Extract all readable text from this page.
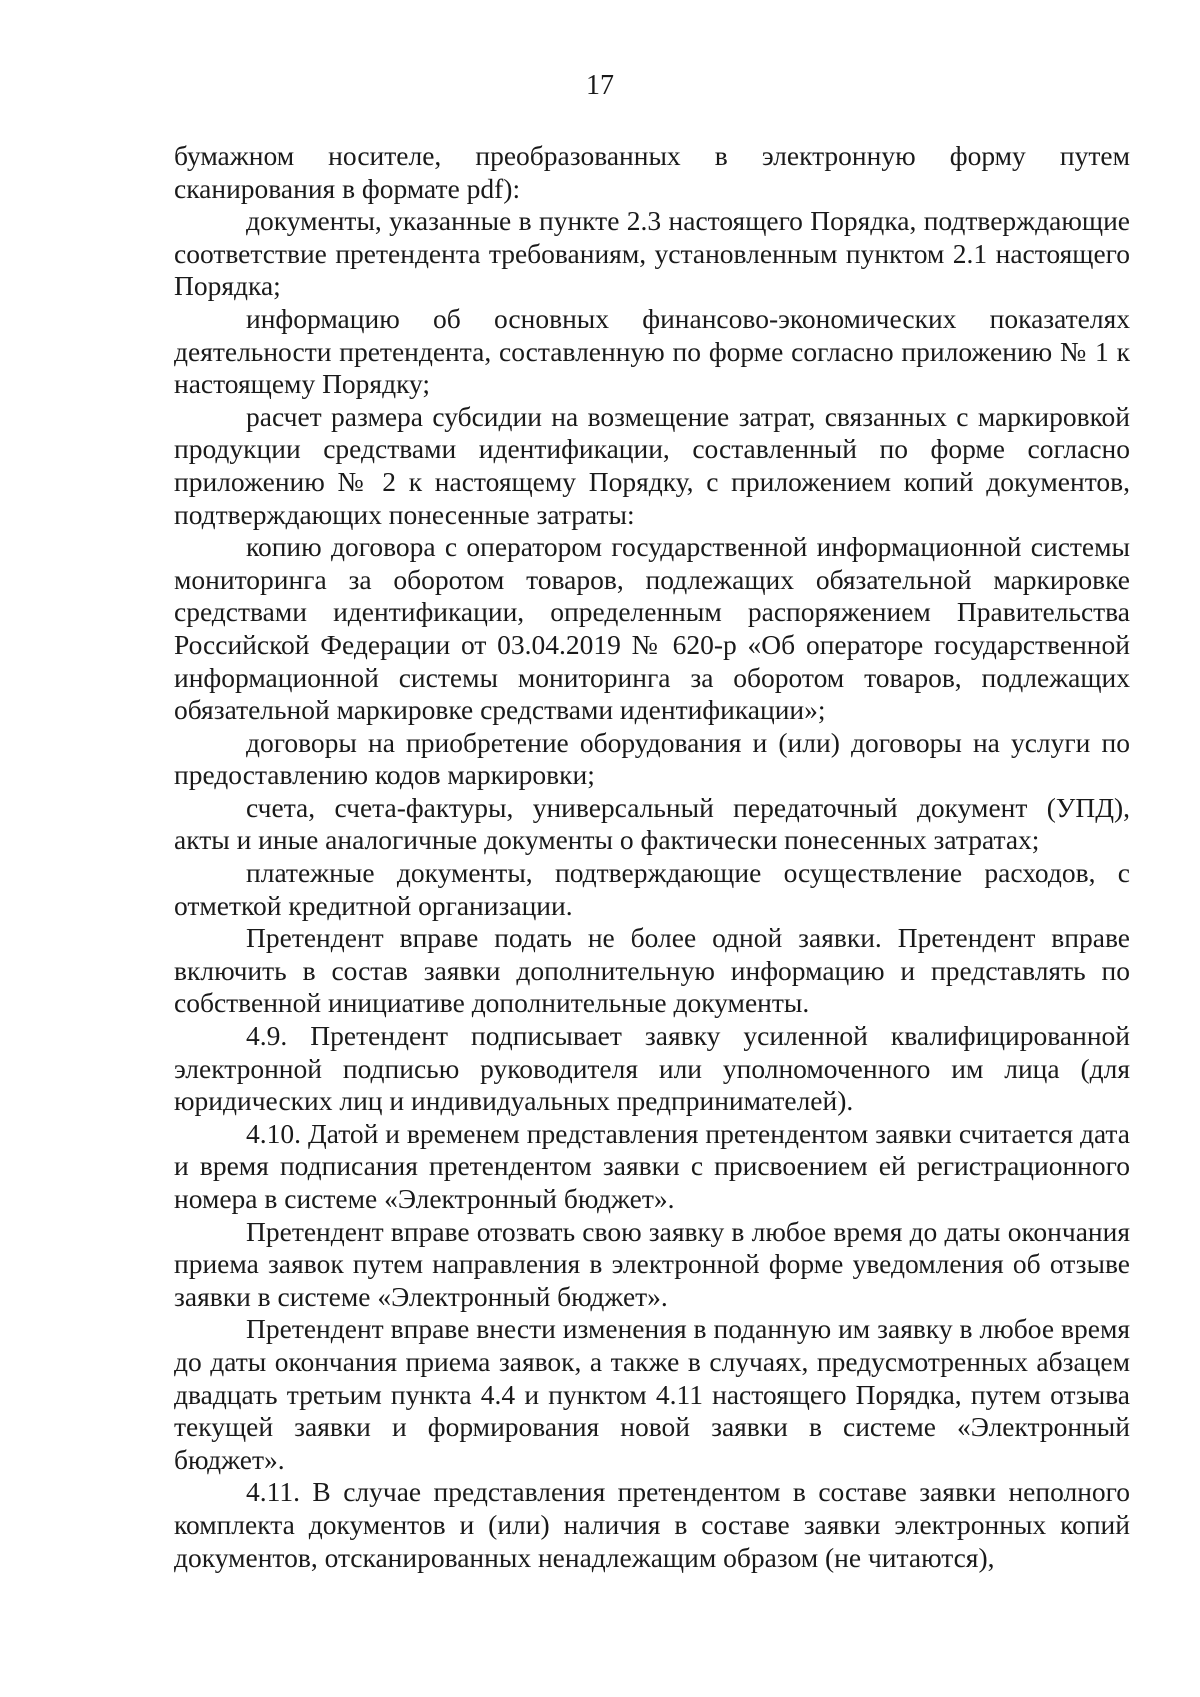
17

бумажном носителе, преобразованных в электронную форму путем сканирования в формате pdf):

документы, указанные в пункте 2.3 настоящего Порядка, подтверждающие соответствие претендента требованиям, установленным пунктом 2.1 настоящего Порядка;

информацию об основных финансово-экономических показателях деятельности претендента, составленную по форме согласно приложению № 1 к настоящему Порядку;

расчет размера субсидии на возмещение затрат, связанных с маркировкой продукции средствами идентификации, составленный по форме согласно приложению № 2 к настоящему Порядку, с приложением копий документов, подтверждающих понесенные затраты:

копию договора с оператором государственной информационной системы мониторинга за оборотом товаров, подлежащих обязательной маркировке средствами идентификации, определенным распоряжением Правительства Российской Федерации от 03.04.2019 № 620-р «Об операторе государственной информационной системы мониторинга за оборотом товаров, подлежащих обязательной маркировке средствами идентификации»;

договоры на приобретение оборудования и (или) договоры на услуги по предоставлению кодов маркировки;

счета, счета-фактуры, универсальный передаточный документ (УПД), акты и иные аналогичные документы о фактически понесенных затратах;

платежные документы, подтверждающие осуществление расходов, с отметкой кредитной организации.

Претендент вправе подать не более одной заявки. Претендент вправе включить в состав заявки дополнительную информацию и представлять по собственной инициативе дополнительные документы.

4.9. Претендент подписывает заявку усиленной квалифицированной электронной подписью руководителя или уполномоченного им лица (для юридических лиц и индивидуальных предпринимателей).

4.10. Датой и временем представления претендентом заявки считается дата и время подписания претендентом заявки с присвоением ей регистрационного номера в системе «Электронный бюджет».

Претендент вправе отозвать свою заявку в любое время до даты окончания приема заявок путем направления в электронной форме уведомления об отзыве заявки в системе «Электронный бюджет».

Претендент вправе внести изменения в поданную им заявку в любое время до даты окончания приема заявок, а также в случаях, предусмотренных абзацем двадцать третьим пункта 4.4 и пунктом 4.11 настоящего Порядка, путем отзыва текущей заявки и формирования новой заявки в системе «Электронный бюджет».

4.11. В случае представления претендентом в составе заявки неполного комплекта документов и (или) наличия в составе заявки электронных копий документов, отсканированных ненадлежащим образом (не читаются),
